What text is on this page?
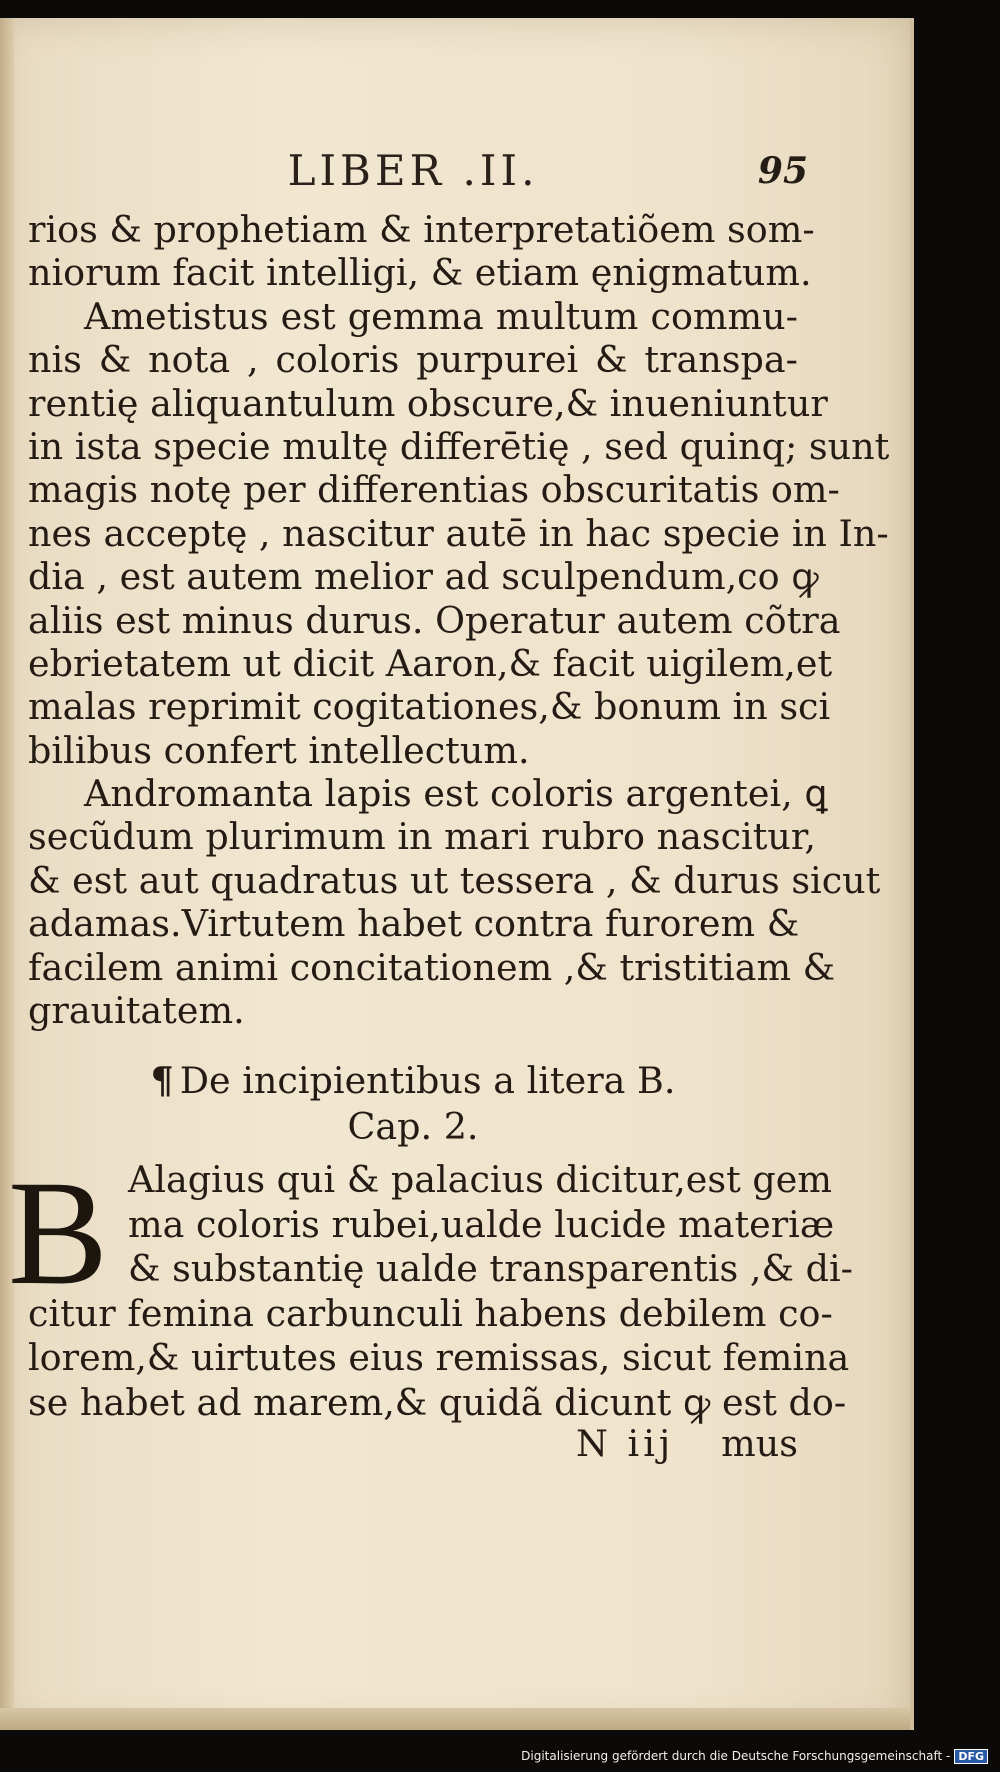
LIBER .II.	95
rios & prophetiam & interpretatiõem som-
niorum facit intelligi, & etiam ęnigmatum.
Ametistus est gemma multum commu-
nis & nota , coloris purpurei & transpa-
rentię aliquantulum obscure,& inueniuntur
in ista specie multę differētię , sed quinq; sunt
magis notę per differentias obscuritatis om-
nes acceptę , nascitur autē in hac specie in In-
dia , est autem melior ad sculpendum,co ꝙ
aliis est minus durus. Operatur autem cõtra
ebrietatem ut dicit Aaron,& facit uigilem,et
malas reprimit cogitationes,& bonum in sci
bilibus confert intellectum.
Andromanta lapis est coloris argentei, ꝗ
secũdum plurimum in mari rubro nascitur,
& est aut quadratus ut tessera , & durus sicut
adamas.Virtutem habet contra furorem &
facilem animi concitationem ,& tristitiam &
grauitatem.
¶ De incipientibus a litera B.
Cap. 2.
B Alagius qui & palacius dicitur,est gem
ma coloris rubei,ualde lucide materiæ
& substantię ualde transparentis ,& di-
citur femina carbunculi habens debilem co-
lorem,& uirtutes eius remissas, sicut femina
se habet ad marem,& quidã dicunt ꝙ est do-
N iij mus
Digitalisierung gefördert durch die Deutsche Forschungsgemeinschaft - DFG
